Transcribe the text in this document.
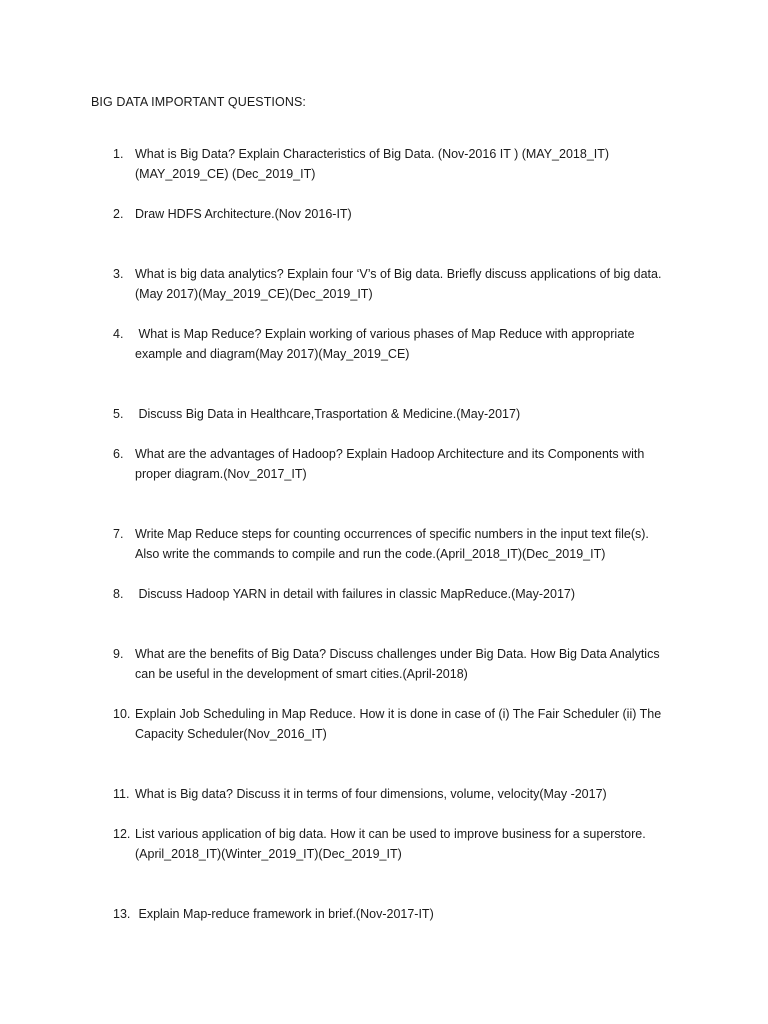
BIG DATA IMPORTANT QUESTIONS:
1. What is Big Data? Explain Characteristics of Big Data. (Nov-2016 IT ) (MAY_2018_IT)
(MAY_2019_CE) (Dec_2019_IT)
2. Draw HDFS Architecture.(Nov 2016-IT)
3. What is big data analytics? Explain four ‘V’s of Big data. Briefly discuss applications of big data.
(May 2017)(May_2019_CE)(Dec_2019_IT)
4. What is Map Reduce? Explain working of various phases of Map Reduce with appropriate
example and diagram(May 2017)(May_2019_CE)
5. Discuss Big Data in Healthcare,Trasportation & Medicine.(May-2017)
6. What are the advantages of Hadoop? Explain Hadoop Architecture and its Components with
proper diagram.(Nov_2017_IT)
7. Write Map Reduce steps for counting occurrences of specific numbers in the input text file(s).
Also write the commands to compile and run the code.(April_2018_IT)(Dec_2019_IT)
8. Discuss Hadoop YARN in detail with failures in classic MapReduce.(May-2017)
9. What are the benefits of Big Data? Discuss challenges under Big Data. How Big Data Analytics
can be useful in the development of smart cities.(April-2018)
10. Explain Job Scheduling in Map Reduce. How it is done in case of (i) The Fair Scheduler (ii) The
Capacity Scheduler(Nov_2016_IT)
11. What is Big data? Discuss it in terms of four dimensions, volume, velocity(May -2017)
12. List various application of big data. How it can be used to improve business for a superstore.
(April_2018_IT)(Winter_2019_IT)(Dec_2019_IT)
13. Explain Map-reduce framework in brief.(Nov-2017-IT)
